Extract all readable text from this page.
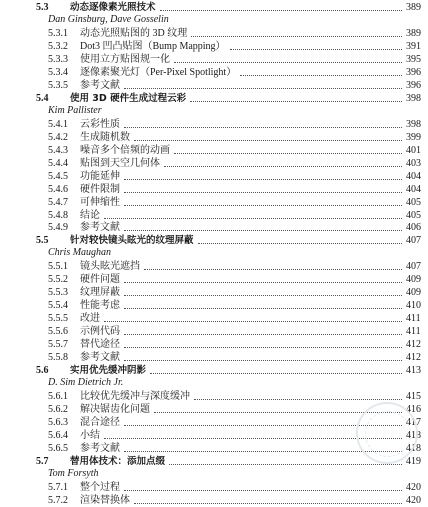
5.3	动态逐像素光照技术	389
Dan Ginsburg, Dave Gosselin
5.3.1	动态光照贴图的 3D 纹理	389
5.3.2	Dot3 凹凸贴图（Bump Mapping）	391
5.3.3	使用立方贴图规一化	395
5.3.4	逐像素聚光灯（Per-Pixel Spotlight）	396
5.3.5	参考文献	396
5.4	使用 3D 硬件生成过程云彩	398
Kim Pallister
5.4.1	云彩性质	398
5.4.2	生成随机数	399
5.4.3	噪音多个倍频的动画	401
5.4.4	贴图到天空几何体	403
5.4.5	功能延伸	404
5.4.6	硬件限制	404
5.4.7	可伸缩性	405
5.4.8	结论	405
5.4.9	参考文献	406
5.5	针对较快镜头眩光的纹理屏蔽	407
Chris Maughan
5.5.1	镜头眩光遮挡	407
5.5.2	硬件问题	409
5.5.3	纹理屏蔽	409
5.5.4	性能考虑	410
5.5.5	改进	411
5.5.6	示例代码	411
5.5.7	替代途径	412
5.5.8	参考文献	412
5.6	实用优先缓冲阴影	413
D. Sim Dietrich Jr.
5.6.1	比较优先缓冲与深度缓冲	415
5.6.2	解决锯齿化问题	416
5.6.3	混合途径	417
5.6.4	小结	418
5.6.5	参考文献	418
5.7	替用体技术：添加点缀	419
Tom Forsyth
5.7.1	整个过程	420
5.7.2	渲染替换体	420
